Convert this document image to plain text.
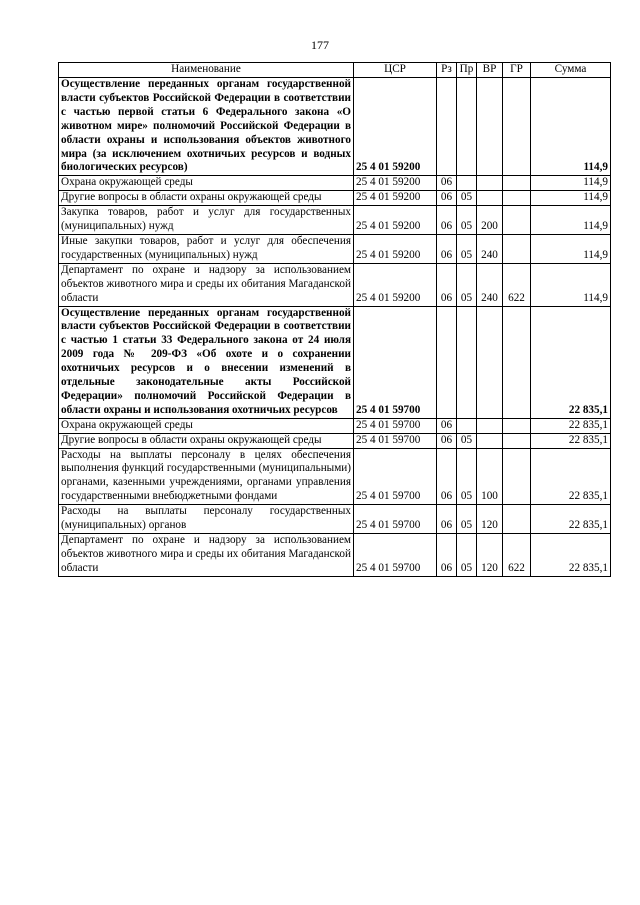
177
Наименование	ЦСР	Рз	Пр	ВР	ГР	Сумма
Осуществление переданных органам государственной власти субъектов Российской Федерации в соответствии с частью первой статьи 6 Федерального закона «О животном мире» полномочий Российской Федерации в области охраны и использования объектов животного мира (за исключением охотничьих ресурсов и водных биологических ресурсов)	25 4 01 59200					114,9
Охрана окружающей среды	25 4 01 59200	06				114,9
Другие вопросы в области охраны окружающей среды	25 4 01 59200	06	05			114,9
Закупка товаров, работ и услуг для государственных (муниципальных) нужд	25 4 01 59200	06	05	200		114,9
Иные закупки товаров, работ и услуг для обеспечения государственных (муниципальных) нужд	25 4 01 59200	06	05	240		114,9
Департамент по охране и надзору за использованием объектов животного мира и среды их обитания Магаданской области	25 4 01 59200	06	05	240	622	114,9
Осуществление переданных органам государственной власти субъектов Российской Федерации в соответствии с частью 1 статьи 33 Федерального закона от 24 июля 2009 года № 209-ФЗ «Об охоте и о сохранении охотничьих ресурсов и о внесении изменений в отдельные законодательные акты Российской Федерации» полномочий Российской Федерации в области охраны и использования охотничьих ресурсов	25 4 01 59700					22 835,1
Охрана окружающей среды	25 4 01 59700	06				22 835,1
Другие вопросы в области охраны окружающей среды	25 4 01 59700	06	05			22 835,1
Расходы на выплаты персоналу в целях обеспечения выполнения функций государственными (муниципальными) органами, казенными учреждениями, органами управления государственными внебюджетными фондами	25 4 01 59700	06	05	100		22 835,1
Расходы на выплаты персоналу государственных (муниципальных) органов	25 4 01 59700	06	05	120		22 835,1
Департамент по охране и надзору за использованием объектов животного мира и среды их обитания Магаданской области	25 4 01 59700	06	05	120	622	22 835,1
